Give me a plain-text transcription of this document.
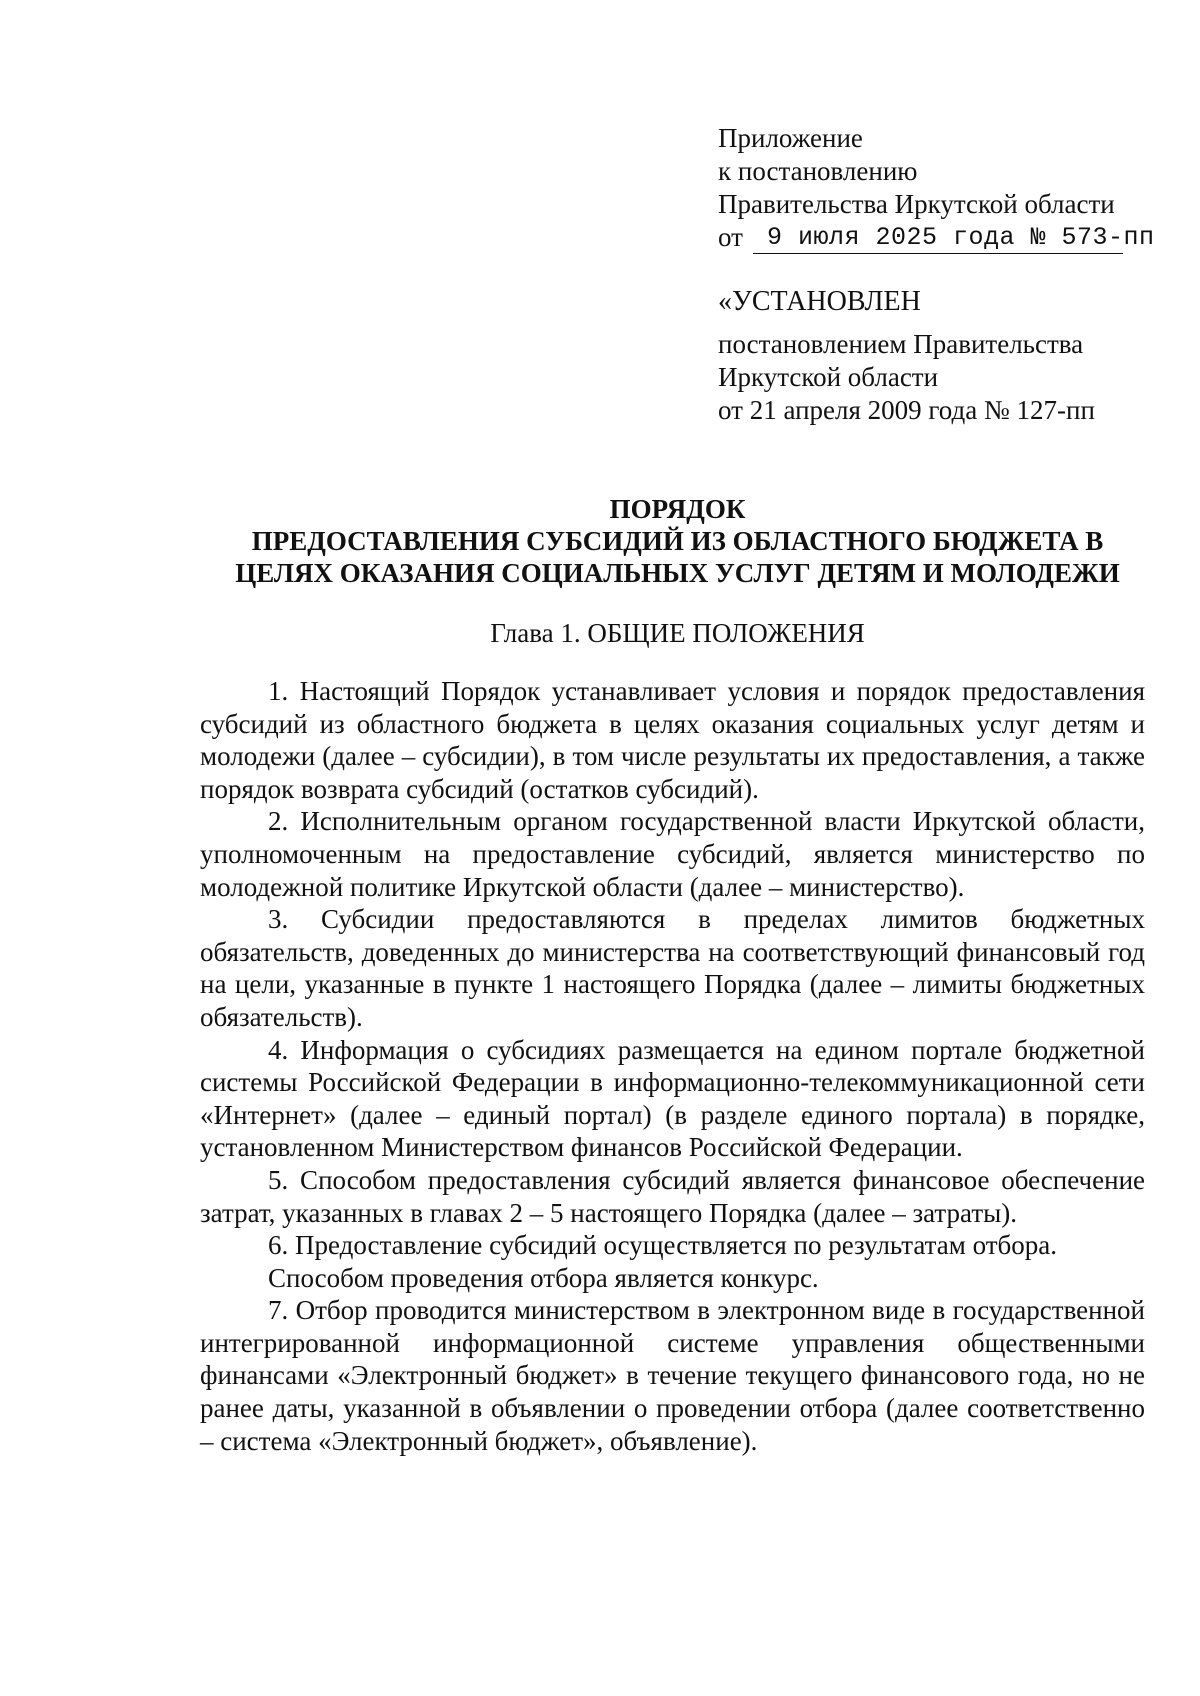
Приложение
к постановлению
Правительства Иркутской области
от 9 июля 2025 года № 573-пп
«УСТАНОВЛЕН
постановлением Правительства
Иркутской области
от 21 апреля 2009 года № 127-пп
ПОРЯДОК
ПРЕДОСТАВЛЕНИЯ СУБСИДИЙ ИЗ ОБЛАСТНОГО БЮДЖЕТА В
ЦЕЛЯХ ОКАЗАНИЯ СОЦИАЛЬНЫХ УСЛУГ ДЕТЯМ И МОЛОДЕЖИ
Глава 1. ОБЩИЕ ПОЛОЖЕНИЯ

1. Настоящий Порядок устанавливает условия и порядок предоставления субсидий из областного бюджета в целях оказания социальных услуг детям и молодежи (далее – субсидии), в том числе результаты их предоставления, а также порядок возврата субсидий (остатков субсидий).

2. Исполнительным органом государственной власти Иркутской области, уполномоченным на предоставление субсидий, является министерство по молодежной политике Иркутской области (далее – министерство).

3. Субсидии предоставляются в пределах лимитов бюджетных обязательств, доведенных до министерства на соответствующий финансовый год на цели, указанные в пункте 1 настоящего Порядка (далее – лимиты бюджетных обязательств).

4. Информация о субсидиях размещается на едином портале бюджетной системы Российской Федерации в информационно-телекоммуникационной сети «Интернет» (далее – единый портал) (в разделе единого портала) в порядке, установленном Министерством финансов Российской Федерации.

5. Способом предоставления субсидий является финансовое обеспечение затрат, указанных в главах 2 – 5 настоящего Порядка (далее – затраты).

6. Предоставление субсидий осуществляется по результатам отбора.

Способом проведения отбора является конкурс.

7. Отбор проводится министерством в электронном виде в государственной интегрированной информационной системе управления общественными финансами «Электронный бюджет» в течение текущего финансового года, но не ранее даты, указанной в объявлении о проведении отбора (далее соответственно – система «Электронный бюджет», объявление).
